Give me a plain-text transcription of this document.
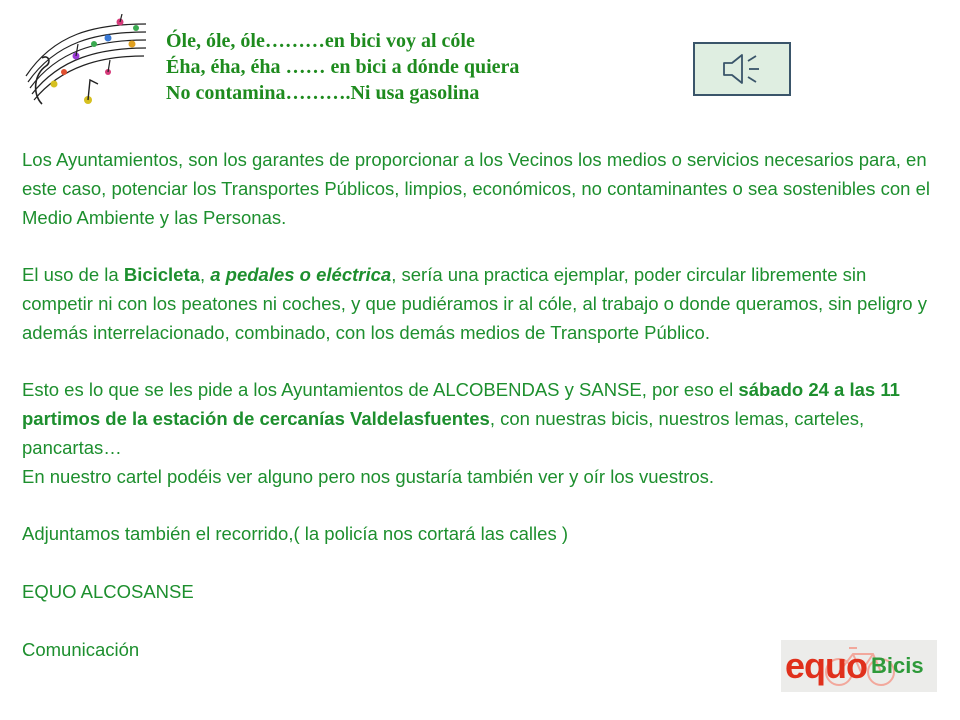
Óle, óle, óle………en bici voy al cóle
Éha, éha, éha …… en bici a dónde quiera
No contamina……….Ni usa gasolina

Los Ayuntamientos, son los garantes de proporcionar a los Vecinos los medios o servicios necesarios para, en este caso, potenciar los Transportes Públicos, limpios, económicos, no contaminantes o sea sostenibles con el Medio Ambiente y las Personas.

El uso de la Bicicleta, a pedales o eléctrica, sería una practica ejemplar, poder circular libremente sin competir ni con los peatones ni coches, y que pudiéramos ir al cóle, al trabajo o donde queramos, sin peligro y además interrelacionado, combinado, con los demás medios de Transporte Público.

Esto es lo que se les pide a los Ayuntamientos de ALCOBENDAS y SANSE, por eso el sábado 24 a las 11 partimos de la estación de cercanías Valdelasfuentes, con nuestras bicis, nuestros lemas, carteles, pancartas…

En nuestro cartel podéis ver alguno pero nos gustaría también ver y oír los vuestros.

Adjuntamos también el recorrido,( la policía nos cortará las calles )

EQUO ALCOSANSE

Comunicación	equo Bicis
